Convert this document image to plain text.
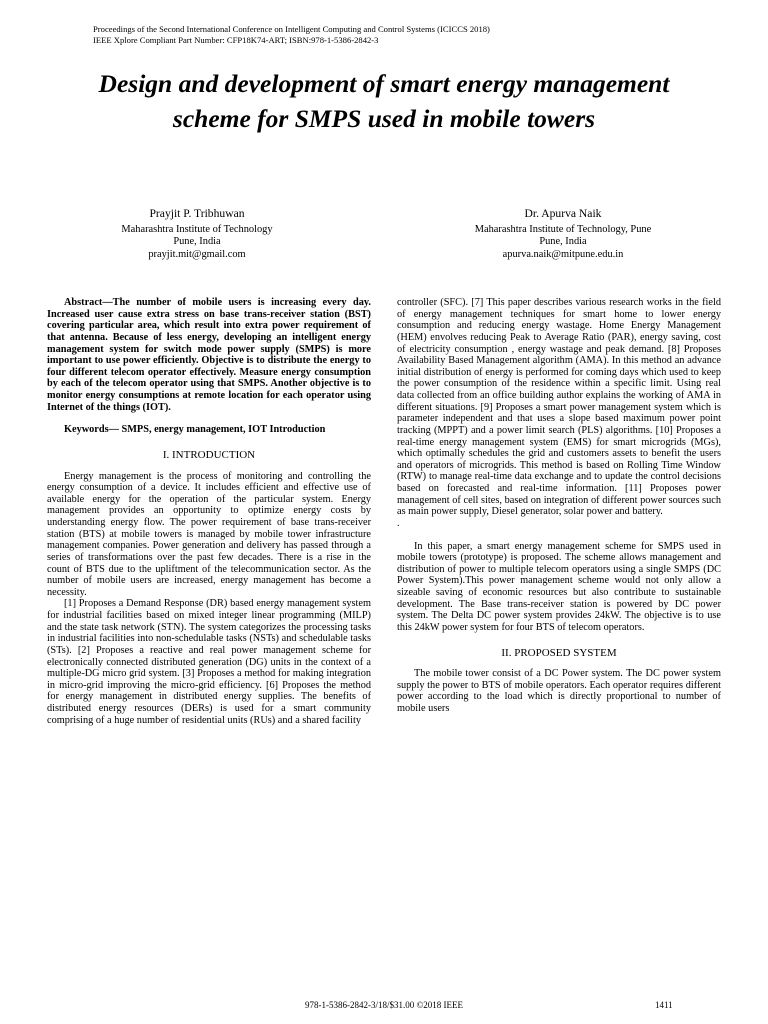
Proceedings of the Second International Conference on Intelligent Computing and Control Systems (ICICCS 2018)
IEEE Xplore Compliant Part Number: CFP18K74-ART; ISBN:978-1-5386-2842-3
Design and development of smart energy management scheme for SMPS used in mobile towers
Prayjit P. Tribhuwan
Maharashtra Institute of Technology
Pune, India
prayjit.mit@gmail.com
Dr. Apurva Naik
Maharashtra Institute of Technology, Pune
Pune, India
apurva.naik@mitpune.edu.in

Abstract—The number of mobile users is increasing every day. Increased user cause extra stress on base trans-receiver station (BST) covering particular area, which result into extra power requirement of that antenna. Because of less energy, developing an intelligent energy management system for switch mode power supply (SMPS) is more important to use power efficiently. Objective is to distribute the energy to four different telecom operator effectively. Measure energy consumption by each of the telecom operator using that SMPS. Another objective is to monitor energy consumptions at remote location for each operator using Internet of the things (IOT).

Keywords— SMPS, energy management, IOT Introduction

I. INTRODUCTION

Energy management is the process of monitoring and controlling the energy consumption of a device. It includes efficient and effective use of available energy for the operation of the particular system. Energy management provides an opportunity to optimize energy costs by understanding energy flow. The power requirement of base trans-receiver station (BTS) at mobile towers is managed by mobile tower infrastructure management companies. Power generation and delivery has passed through a series of transformations over the past few decades. There is a rise in the count of BTS due to the upliftment of the telecommunication sector. As the number of mobile users are increased, energy management has become a necessity.

[1] Proposes a Demand Response (DR) based energy management system for industrial facilities based on mixed integer linear programming (MILP) and the state task network (STN). The system categorizes the processing tasks in industrial facilities into non-schedulable tasks (NSTs) and schedulable tasks (STs). [2] Proposes a reactive and real power management scheme for electronically connected distributed generation (DG) units in the context of a multiple-DG micro grid system. [3] Proposes a method for making integration in micro-grid improving the micro-grid efficiency. [6] Proposes the method for energy management in distributed energy supplies. The benefits of distributed energy resources (DERs) is used for a smart community comprising of a huge number of residential units (RUs) and a shared facility

controller (SFC). [7] This paper describes various research works in the field of energy management techniques for smart home to lower energy consumption and reducing energy wastage. Home Energy Management (HEM) envolves reducing Peak to Average Ratio (PAR), energy saving, cost of electricity consumption , energy wastage and peak demand. [8] Proposes Availability Based Management algorithm (AMA). In this method an advance initial distribution of energy is performed for coming days which used to keep the power consumption of the residence within a specific limit. Using real data collected from an office building author explains the working of AMA in different situations. [9] Proposes a smart power management system which is parameter independent and that uses a slope based maximum power point tracking (MPPT) and a power limit search (PLS) algorithms. [10] Proposes a real-time energy management system (EMS) for smart microgrids (MGs), which optimally schedules the grid and customers assets to benefit the users and operators of microgrids. This method is based on Rolling Time Window (RTW) to manage real-time data exchange and to update the control decisions based on forecasted and real-time information. [11] Proposes power management of cell sites, based on integration of different power sources such as main power supply, Diesel generator, solar power and battery.

.

In this paper, a smart energy management scheme for SMPS used in mobile towers (prototype) is proposed. The scheme allows management and distribution of power to multiple telecom operators using a single SMPS (DC Power System).This power management scheme would not only allow a sizeable saving of economic resources but also contribute to sustainable development. The Base trans-receiver station is powered by DC power system. The Delta DC power system provides 24kW. The objective is to use this 24kW power system for four BTS of telecom operators.

II. PROPOSED SYSTEM

The mobile tower consist of a DC Power system. The DC power system supply the power to BTS of mobile operators. Each operator requires different power according to the load which is directly proportional to number of mobile users

978-1-5386-2842-3/18/$31.00 ©2018 IEEE	1411
